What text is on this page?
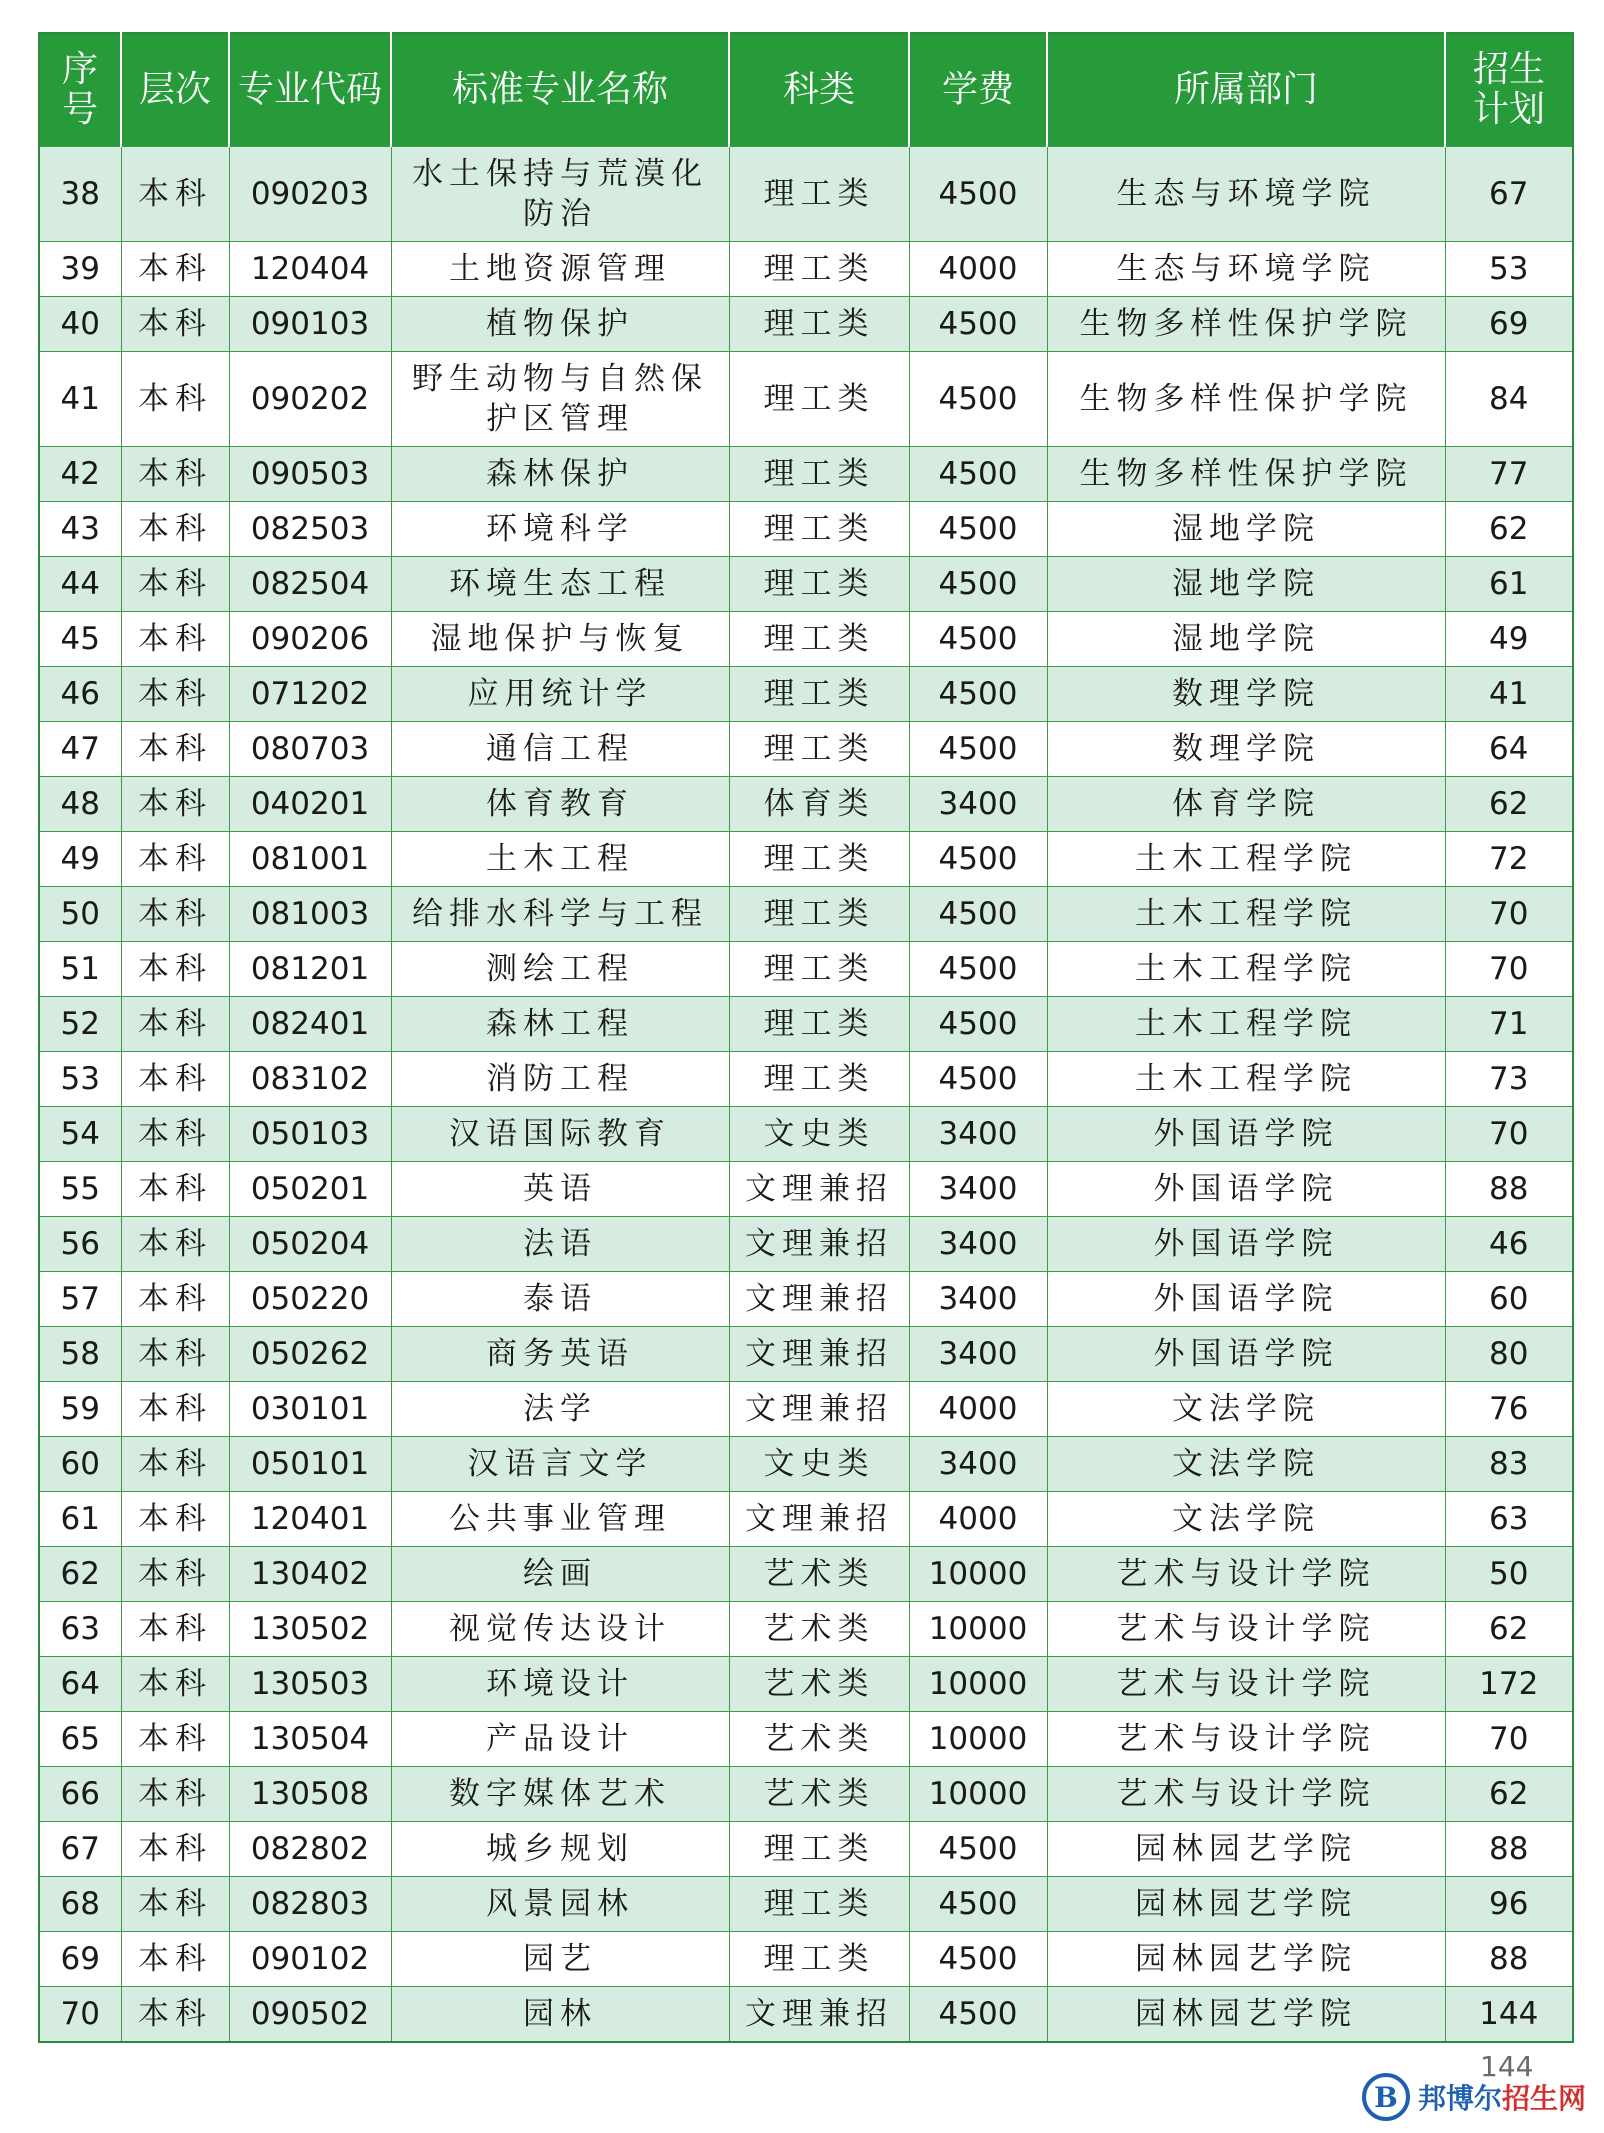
序号	层次	专业代码	标准专业名称	科类	学费	所属部门	招生计划
38	本科	090203	水土保持与荒漠化防治	理工类	4500	生态与环境学院	67
39	本科	120404	土地资源管理	理工类	4000	生态与环境学院	53
40	本科	090103	植物保护	理工类	4500	生物多样性保护学院	69
41	本科	090202	野生动物与自然保护区管理	理工类	4500	生物多样性保护学院	84
42	本科	090503	森林保护	理工类	4500	生物多样性保护学院	77
43	本科	082503	环境科学	理工类	4500	湿地学院	62
44	本科	082504	环境生态工程	理工类	4500	湿地学院	61
45	本科	090206	湿地保护与恢复	理工类	4500	湿地学院	49
46	本科	071202	应用统计学	理工类	4500	数理学院	41
47	本科	080703	通信工程	理工类	4500	数理学院	64
48	本科	040201	体育教育	体育类	3400	体育学院	62
49	本科	081001	土木工程	理工类	4500	土木工程学院	72
50	本科	081003	给排水科学与工程	理工类	4500	土木工程学院	70
51	本科	081201	测绘工程	理工类	4500	土木工程学院	70
52	本科	082401	森林工程	理工类	4500	土木工程学院	71
53	本科	083102	消防工程	理工类	4500	土木工程学院	73
54	本科	050103	汉语国际教育	文史类	3400	外国语学院	70
55	本科	050201	英语	文理兼招	3400	外国语学院	88
56	本科	050204	法语	文理兼招	3400	外国语学院	46
57	本科	050220	泰语	文理兼招	3400	外国语学院	60
58	本科	050262	商务英语	文理兼招	3400	外国语学院	80
59	本科	030101	法学	文理兼招	4000	文法学院	76
60	本科	050101	汉语言文学	文史类	3400	文法学院	83
61	本科	120401	公共事业管理	文理兼招	4000	文法学院	63
62	本科	130402	绘画	艺术类	10000	艺术与设计学院	50
63	本科	130502	视觉传达设计	艺术类	10000	艺术与设计学院	62
64	本科	130503	环境设计	艺术类	10000	艺术与设计学院	172
65	本科	130504	产品设计	艺术类	10000	艺术与设计学院	70
66	本科	130508	数字媒体艺术	艺术类	10000	艺术与设计学院	62
67	本科	082802	城乡规划	理工类	4500	园林园艺学院	88
68	本科	082803	风景园林	理工类	4500	园林园艺学院	96
69	本科	090102	园艺	理工类	4500	园林园艺学院	88
70	本科	090502	园林	文理兼招	4500	园林园艺学院	144
144
B 邦博尔招生网
